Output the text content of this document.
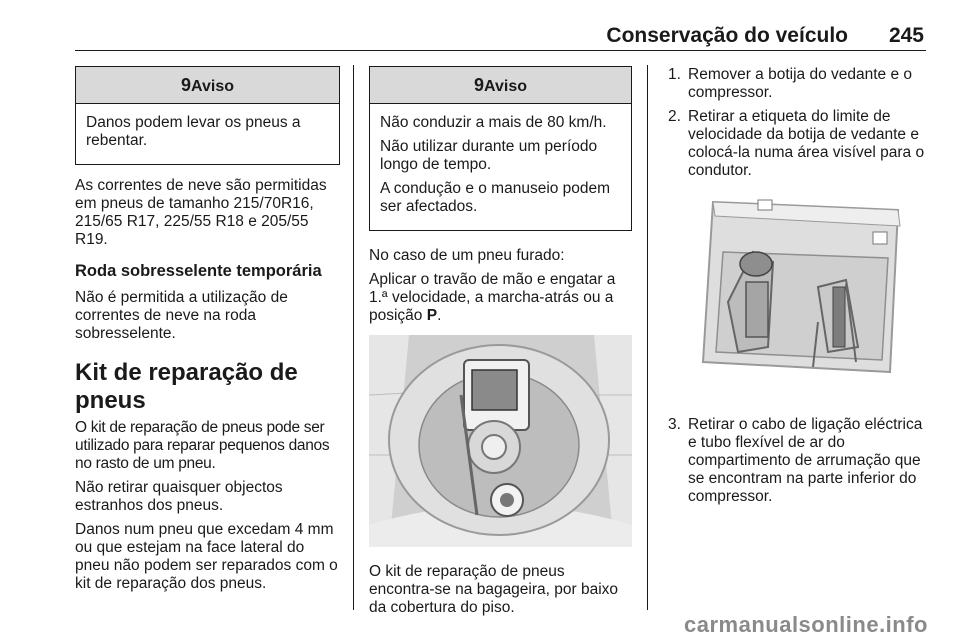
Conservação do veículo 245
9Aviso

Danos podem levar os pneus a rebentar.

As correntes de neve são permitidas em pneus de tamanho 215/70R16, 215/65 R17, 225/55 R18 e 205/55 R19.

Roda sobresselente temporária

Não é permitida a utilização de correntes de neve na roda sobresselente.

Kit de reparação de pneus

O kit de reparação de pneus pode ser utilizado para reparar pequenos danos no rasto de um pneu.

Não retirar quaisquer objectos estranhos dos pneus.

Danos num pneu que excedam 4 mm ou que estejam na face lateral do pneu não podem ser reparados com o kit de reparação dos pneus.

9Aviso

Não conduzir a mais de 80 km/h.

Não utilizar durante um período longo de tempo.

A condução e o manuseio podem ser afectados.

No caso de um pneu furado:

Aplicar o travão de mão e engatar a 1.ª velocidade, a marcha-atrás ou a posição P.

O kit de reparação de pneus encontra-se na bagageira, por baixo da cobertura do piso.

1. Remover a botija do vedante e o compressor.
2. Retirar a etiqueta do limite de velocidade da botija de vedante e colocá-la numa área visível para o condutor.
3. Retirar o cabo de ligação eléctrica e tubo flexível de ar do compartimento de arrumação que se encontram na parte inferior do compressor.
carmanualsonline.info
